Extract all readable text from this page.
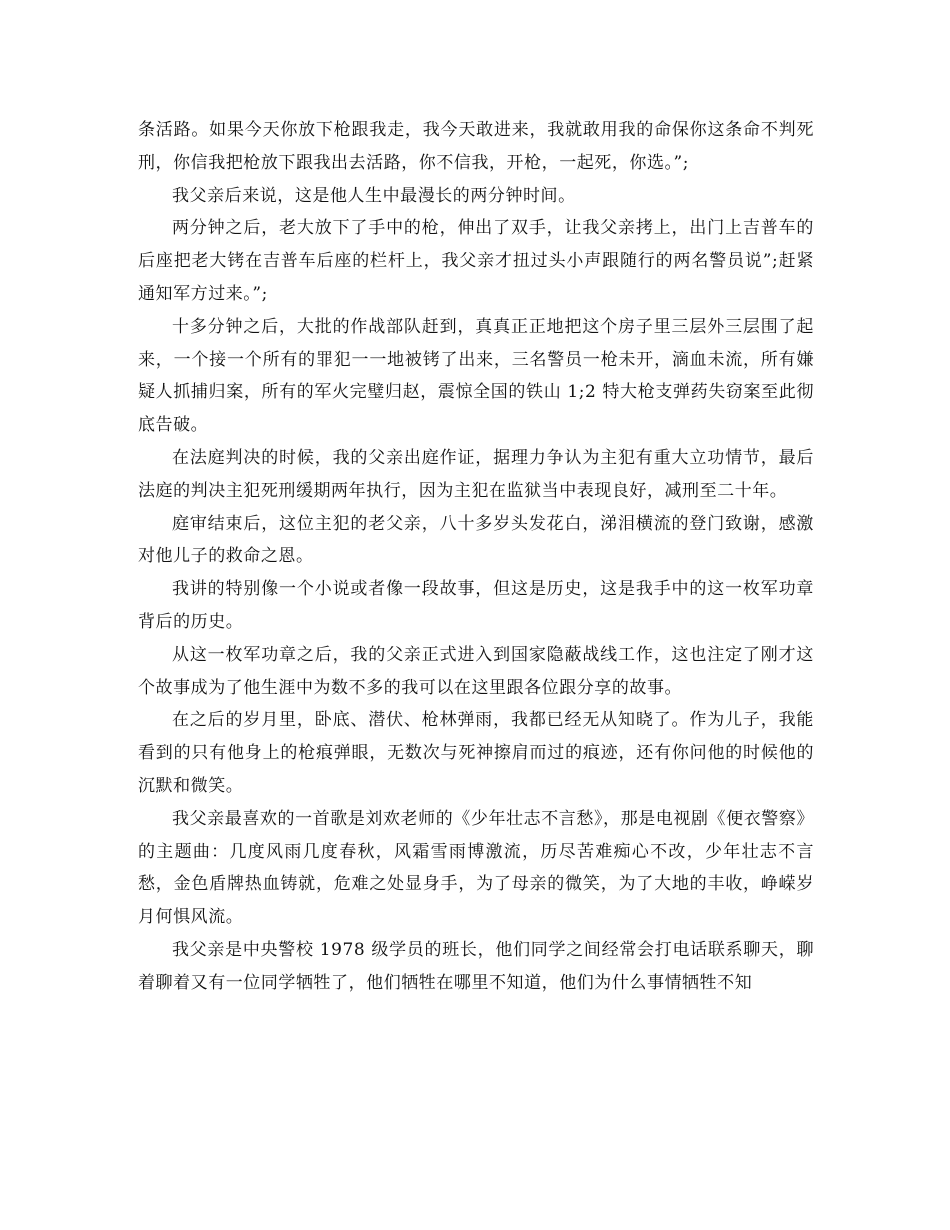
条活路。如果今天你放下枪跟我走，我今天敢进来，我就敢用我的命保你这条命不判死刑，你信我把枪放下跟我出去活路，你不信我，开枪，一起死，你选。”;

我父亲后来说，这是他人生中最漫长的两分钟时间。

两分钟之后，老大放下了手中的枪，伸出了双手，让我父亲拷上，出门上吉普车的后座把老大铐在吉普车后座的栏杆上，我父亲才扭过头小声跟随行的两名警员说”;赶紧通知军方过来。”;

十多分钟之后，大批的作战部队赶到，真真正正地把这个房子里三层外三层围了起来，一个接一个所有的罪犯一一地被铐了出来，三名警员一枪未开，滴血未流，所有嫌疑人抓捕归案，所有的军火完璧归赵，震惊全国的铁山 1;2 特大枪支弹药失窃案至此彻底告破。

在法庭判决的时候，我的父亲出庭作证，据理力争认为主犯有重大立功情节，最后法庭的判决主犯死刑缓期两年执行，因为主犯在监狱当中表现良好，减刑至二十年。

庭审结束后，这位主犯的老父亲，八十多岁头发花白，涕泪横流的登门致谢，感激对他儿子的救命之恩。

我讲的特别像一个小说或者像一段故事，但这是历史，这是我手中的这一枚军功章背后的历史。

从这一枚军功章之后，我的父亲正式进入到国家隐蔽战线工作，这也注定了刚才这个故事成为了他生涯中为数不多的我可以在这里跟各位跟分享的故事。

在之后的岁月里，卧底、潜伏、枪林弹雨，我都已经无从知晓了。作为儿子，我能看到的只有他身上的枪痕弹眼，无数次与死神擦肩而过的痕迹，还有你问他的时候他的沉默和微笑。

我父亲最喜欢的一首歌是刘欢老师的《少年壮志不言愁》，那是电视剧《便衣警察》的主题曲：几度风雨几度春秋，风霜雪雨博激流，历尽苦难痴心不改，少年壮志不言愁，金色盾牌热血铸就，危难之处显身手，为了母亲的微笑，为了大地的丰收，峥嵘岁月何惧风流。

我父亲是中央警校 1978 级学员的班长，他们同学之间经常会打电话联系聊天，聊着聊着又有一位同学牺牲了，他们牺牲在哪里不知道，他们为什么事情牺牲不知
